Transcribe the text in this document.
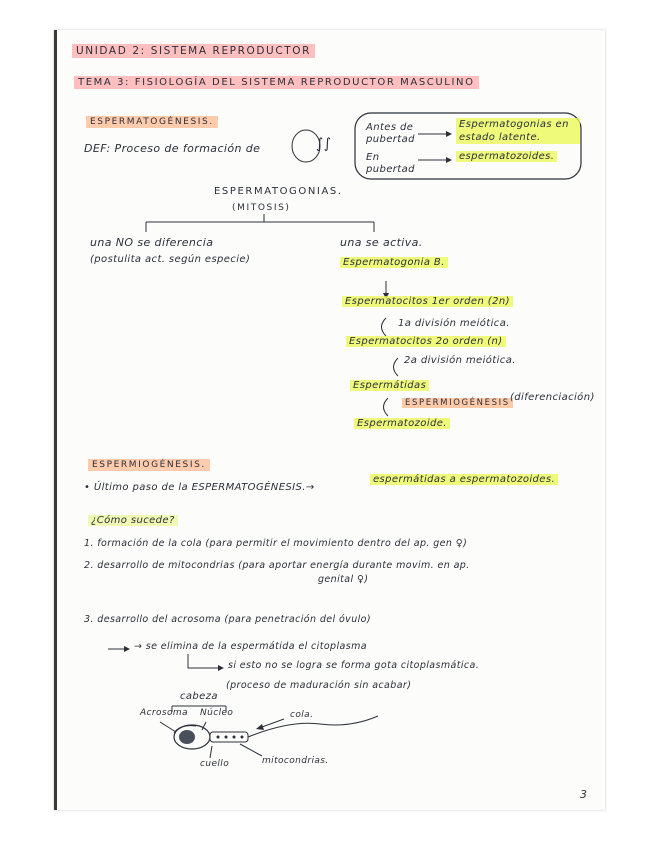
UNIDAD 2: SISTEMA REPRODUCTOR
TEMA 3: FISIOLOGÍA DEL SISTEMA REPRODUCTOR MASCULINO
ESPERMATOGÉNESIS.
DEF: Proceso de formación de	∫∫
Antes de pubertad
Espermatogonias en estado latente.
En pubertad
espermatozoides.
ESPERMATOGONIAS.
(MITOSIS)
una NO se diferencia
(postulita act. según especie)
una se activa.
Espermatogonia B.
Espermatocitos 1er orden (2n)
1a división meiótica.
Espermatocitos 2o orden (n)
2a división meiótica.
Espermátidas
ESPERMIOGÉNESIS (diferenciación)
Espermatozoide.
ESPERMIOGÉNESIS.
• Último paso de la ESPERMATOGÉNESIS.→
espermátidas a espermatozoides.
¿Cómo sucede?
1. formación de la cola (para permitir el movimiento dentro del ap. gen ♀)
2. desarrollo de mitocondrias (para aportar energía durante movim. en ap.
genital ♀)
3. desarrollo del acrosoma (para penetración del óvulo)
→ se elimina de la espermátida el citoplasma
si esto no se logra se forma gota citoplasmática.
(proceso de maduración sin acabar)
cabeza
Acrosoma Núcleo	cola.
cuello	mitocondrias.
3
